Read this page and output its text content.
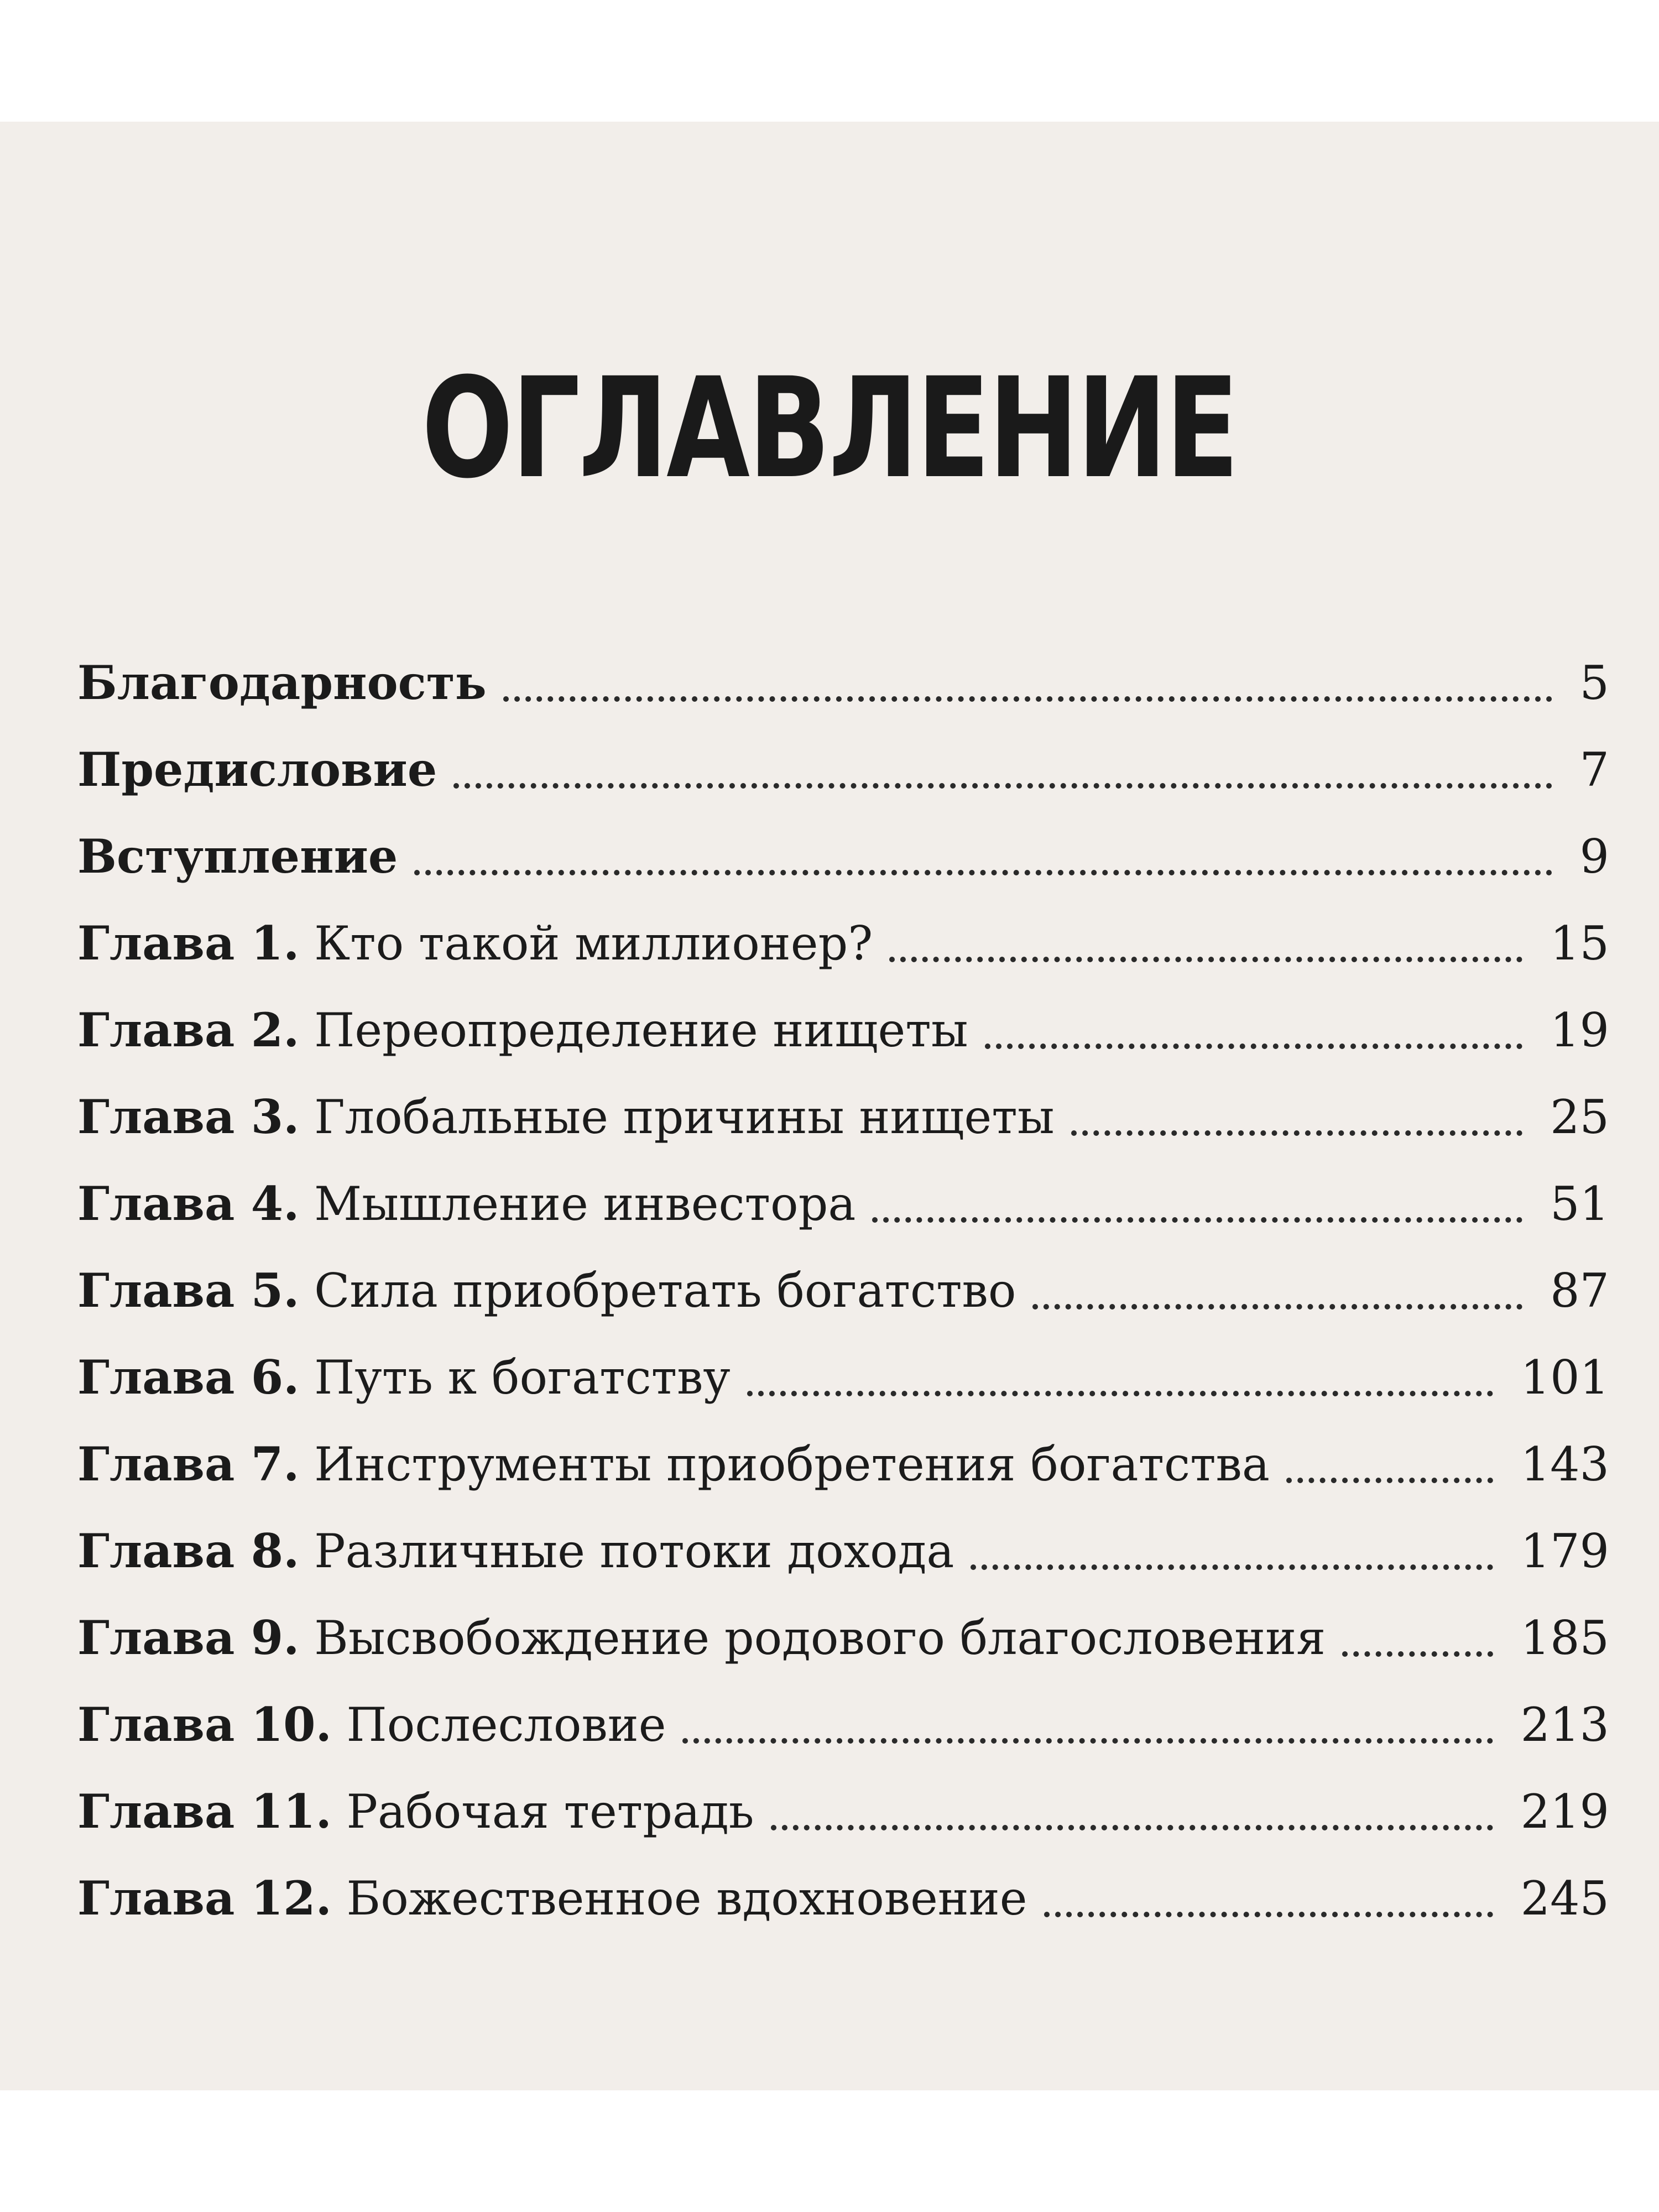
ОГЛАВЛЕНИЕ
Благодарность	5
Предисловие	7
Вступление	9
Глава 1. Кто такой миллионер?	15
Глава 2. Переопределение нищеты	19
Глава 3. Глобальные причины нищеты	25
Глава 4. Мышление инвестора	51
Глава 5. Сила приобретать богатство	87
Глава 6. Путь к богатству	101
Глава 7. Инструменты приобретения богатства	143
Глава 8. Различные потоки дохода	179
Глава 9. Высвобождение родового благословения	185
Глава 10. Послесловие	213
Глава 11. Рабочая тетрадь	219
Глава 12. Божественное вдохновение	245
